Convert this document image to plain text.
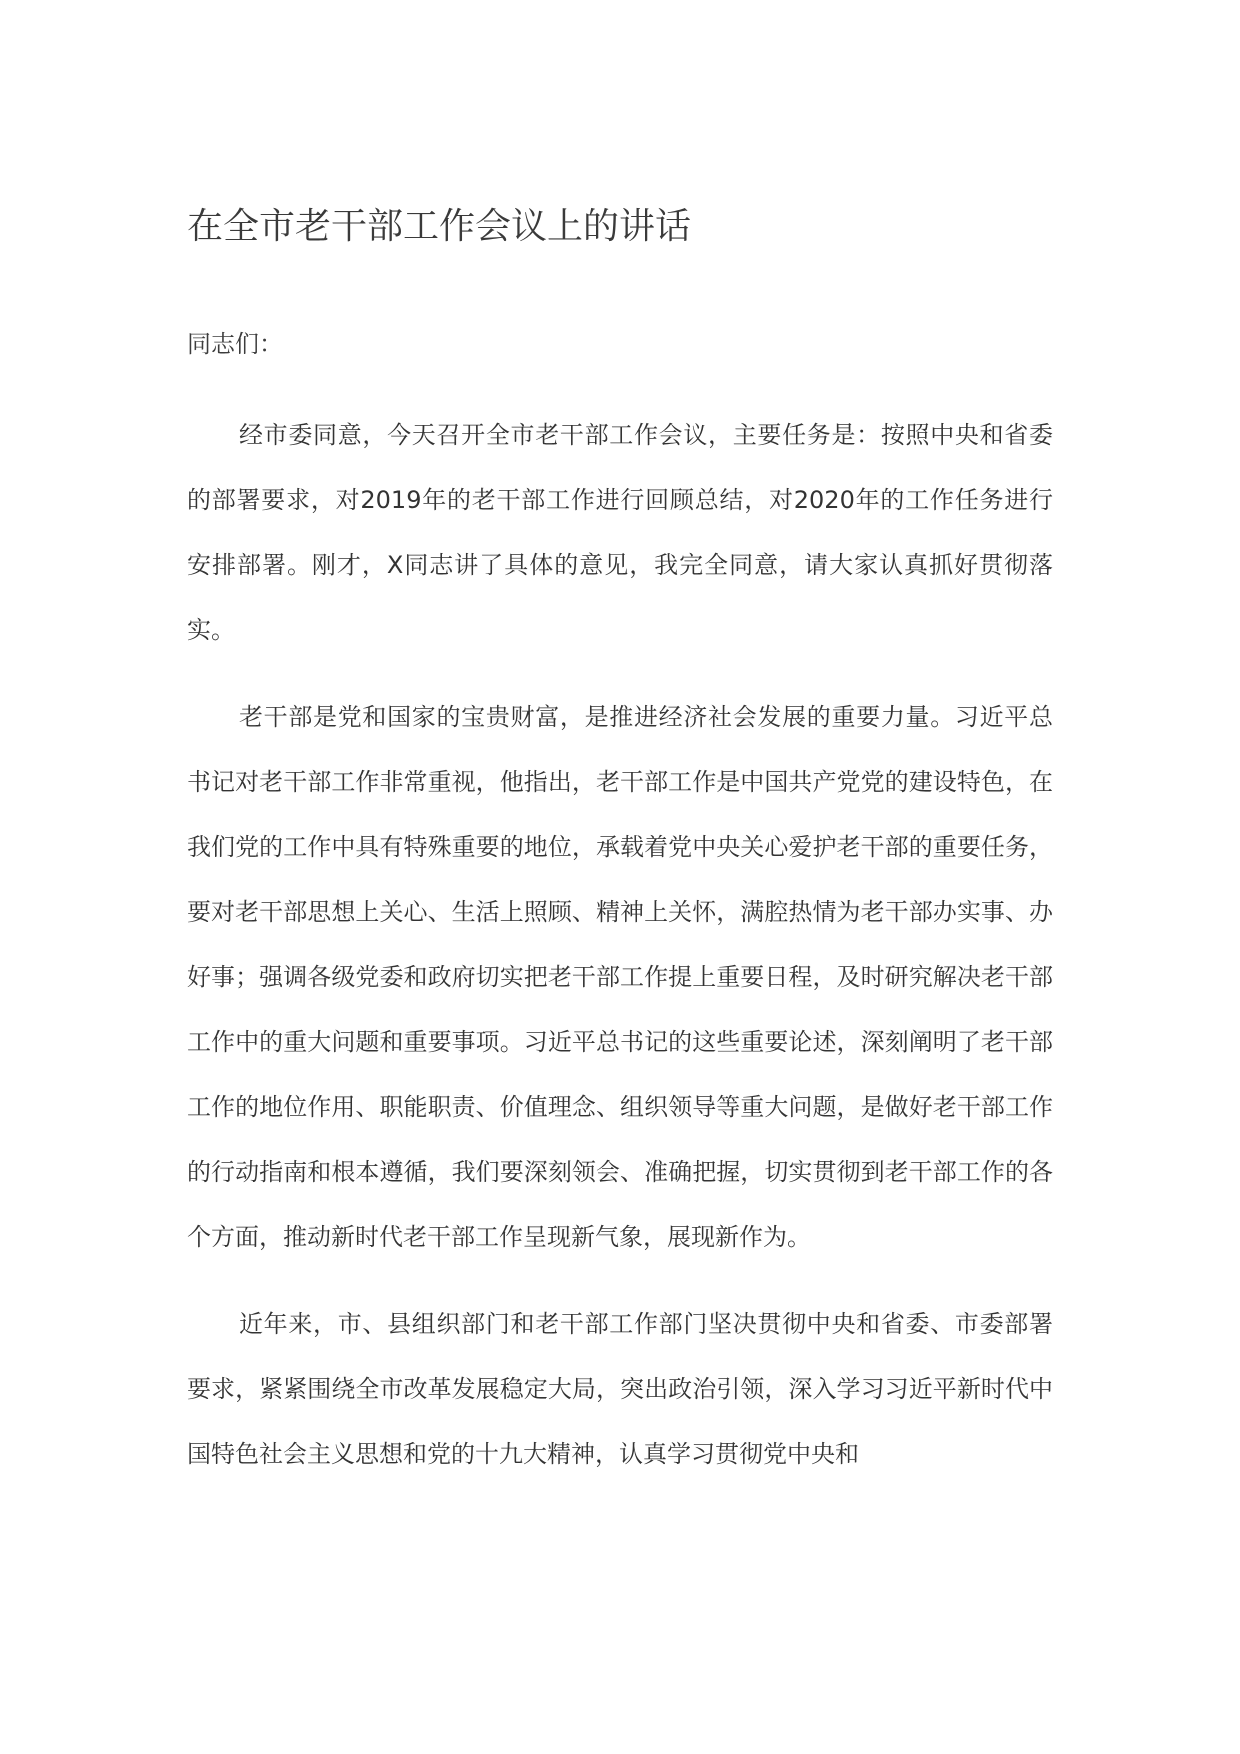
在全市老干部工作会议上的讲话

同志们：

经市委同意，今天召开全市老干部工作会议，主要任务是：按照中央和省委的部署要求，对2019年的老干部工作进行回顾总结，对2020年的工作任务进行安排部署。刚才，X同志讲了具体的意见，我完全同意，请大家认真抓好贯彻落实。

老干部是党和国家的宝贵财富，是推进经济社会发展的重要力量。习近平总书记对老干部工作非常重视，他指出，老干部工作是中国共产党党的建设特色，在我们党的工作中具有特殊重要的地位，承载着党中央关心爱护老干部的重要任务，要对老干部思想上关心、生活上照顾、精神上关怀，满腔热情为老干部办实事、办好事；强调各级党委和政府切实把老干部工作提上重要日程，及时研究解决老干部工作中的重大问题和重要事项。习近平总书记的这些重要论述，深刻阐明了老干部工作的地位作用、职能职责、价值理念、组织领导等重大问题，是做好老干部工作的行动指南和根本遵循，我们要深刻领会、准确把握，切实贯彻到老干部工作的各个方面，推动新时代老干部工作呈现新气象，展现新作为。

近年来，市、县组织部门和老干部工作部门坚决贯彻中央和省委、市委部署要求，紧紧围绕全市改革发展稳定大局，突出政治引领，深入学习习近平新时代中国特色社会主义思想和党的十九大精神，认真学习贯彻党中央和
